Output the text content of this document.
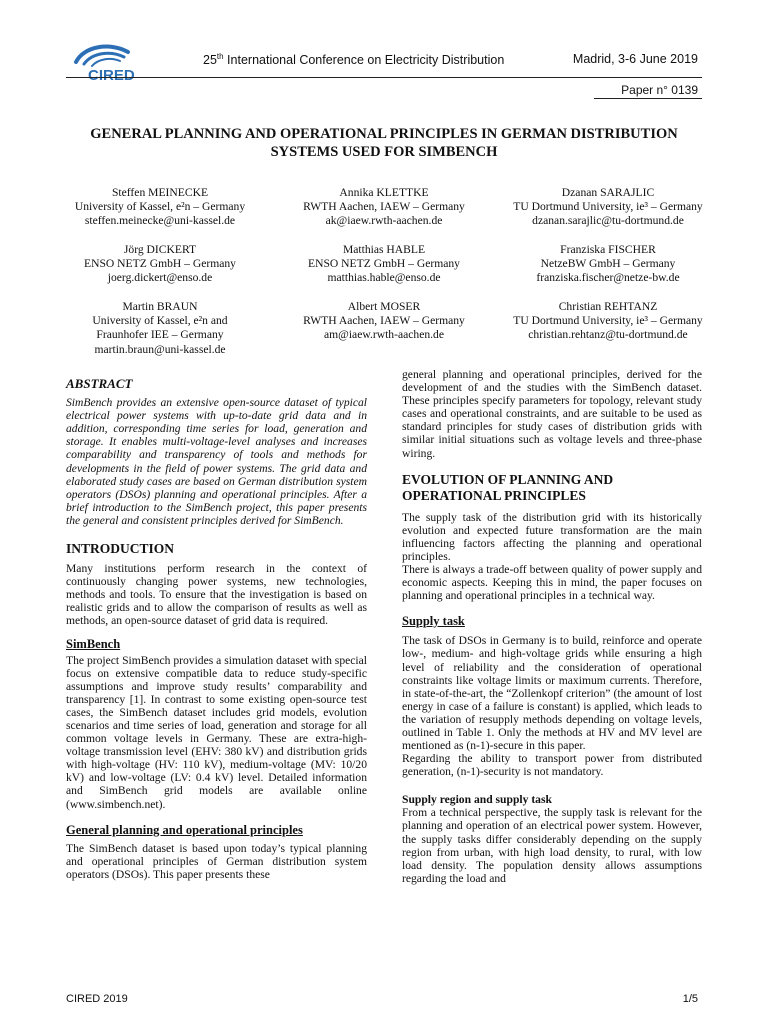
CIRED
25th International Conference on Electricity Distribution	Madrid, 3-6 June 2019
Paper n° 0139
GENERAL PLANNING AND OPERATIONAL PRINCIPLES IN GERMAN DISTRIBUTION SYSTEMS USED FOR SIMBENCH
Steffen MEINECKE
University of Kassel, e²n – Germany
steffen.meinecke@uni-kassel.de
Annika KLETTKE
RWTH Aachen, IAEW – Germany
ak@iaew.rwth-aachen.de
Dzanan SARAJLIC
TU Dortmund University, ie³ – Germany
dzanan.sarajlic@tu-dortmund.de
Jörg DICKERT
ENSO NETZ GmbH – Germany
joerg.dickert@enso.de
Matthias HABLE
ENSO NETZ GmbH – Germany
matthias.hable@enso.de
Franziska FISCHER
NetzeBW GmbH – Germany
franziska.fischer@netze-bw.de
Martin BRAUN
University of Kassel, e²n and
Fraunhofer IEE – Germany
martin.braun@uni-kassel.de
Albert MOSER
RWTH Aachen, IAEW – Germany
am@iaew.rwth-aachen.de
Christian REHTANZ
TU Dortmund University, ie³ – Germany
christian.rehtanz@tu-dortmund.de
ABSTRACT

SimBench provides an extensive open-source dataset of typical electrical power systems with up-to-date grid data and in addition, corresponding time series for load, generation and storage. It enables multi-voltage-level analyses and increases comparability and transparency of tools and methods for developments in the field of power systems. The grid data and elaborated study cases are based on German distribution system operators (DSOs) planning and operational principles. After a brief introduction to the SimBench project, this paper presents the general and consistent principles derived for SimBench.

INTRODUCTION

Many institutions perform research in the context of continuously changing power systems, new technologies, methods and tools. To ensure that the investigation is based on realistic grids and to allow the comparison of results as well as methods, an open-source dataset of grid data is required.

SimBench

The project SimBench provides a simulation dataset with special focus on extensive compatible data to reduce study-specific assumptions and improve study results’ comparability and transparency [1]. In contrast to some existing open-source test cases, the SimBench dataset includes grid models, evolution scenarios and time series of load, generation and storage for all common voltage levels in Germany. These are extra-high-voltage transmission level (EHV: 380 kV) and distribution grids with high-voltage (HV: 110 kV), medium-voltage (MV: 10/20 kV) and low-voltage (LV: 0.4 kV) level. Detailed information and SimBench grid models are available online (www.simbench.net).

General planning and operational principles

The SimBench dataset is based upon today’s typical planning and operational principles of German distribution system operators (DSOs). This paper presents these

general planning and operational principles, derived for the development of and the studies with the SimBench dataset. These principles specify parameters for topology, relevant study cases and operational constraints, and are suitable to be used as standard principles for study cases of distribution grids with similar initial situations such as voltage levels and three-phase wiring.

EVOLUTION OF PLANNING AND OPERATIONAL PRINCIPLES

The supply task of the distribution grid with its historically evolution and expected future transformation are the main influencing factors affecting the planning and operational principles.

There is always a trade-off between quality of power supply and economic aspects. Keeping this in mind, the paper focuses on planning and operational principles in a technical way.

Supply task

The task of DSOs in Germany is to build, reinforce and operate low-, medium- and high-voltage grids while ensuring a high level of reliability and the consideration of operational constraints like voltage limits or maximum currents. Therefore, in state-of-the-art, the “Zollenkopf criterion” (the amount of lost energy in case of a failure is constant) is applied, which leads to the variation of resupply methods depending on voltage levels, outlined in Table 1. Only the methods at HV and MV level are mentioned as (n-1)-secure in this paper.

Regarding the ability to transport power from distributed generation, (n-1)-security is not mandatory.

Supply region and supply task

From a technical perspective, the supply task is relevant for the planning and operation of an electrical power system. However, the supply tasks differ considerably depending on the supply region from urban, with high load density, to rural, with low load density. The population density allows assumptions regarding the load and

CIRED 2019	1/5
